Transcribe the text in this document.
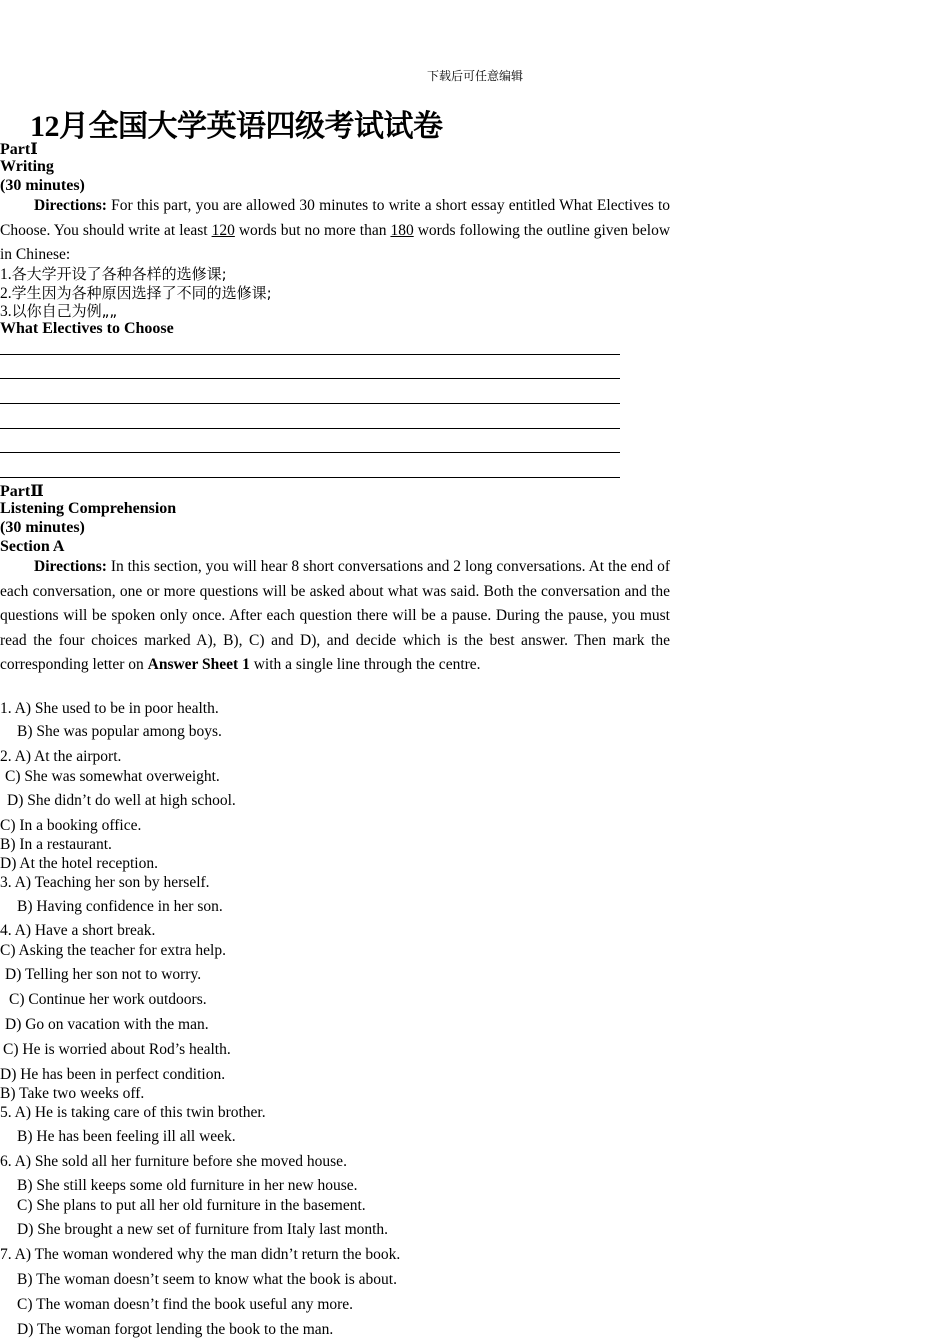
下载后可任意编辑
12月全国大学英语四级考试试卷
PartⅠ
Writing
(30 minutes)
Directions: For this part, you are allowed 30 minutes to write a short essay entitled What Electives to Choose. You should write at least 120 words but no more than 180 words following the outline given below in Chinese:
1.各大学开设了各种各样的选修课;
2.学生因为各种原因选择了不同的选修课;
3.以你自己为例„„
What Electives to Choose
PartⅡ
Listening Comprehension
(30 minutes)
Section A
Directions: In this section, you will hear 8 short conversations and 2 long conversations. At the end of each conversation, one or more questions will be asked about what was said. Both the conversation and the questions will be spoken only once. After each question there will be a pause. During the pause, you must read the four choices marked A), B), C) and D), and decide which is the best answer. Then mark the corresponding letter on Answer Sheet 1 with a single line through the centre.
1. A) She used to be in poor health.
B) She was popular among boys.
2. A) At the airport.
C) She was somewhat overweight.
D) She didn’t do well at high school.
C) In a booking office.
B) In a restaurant.
D) At the hotel reception.
3. A) Teaching her son by herself.
B) Having confidence in her son.
4. A) Have a short break.
C) Asking the teacher for extra help.
D) Telling her son not to worry.
C) Continue her work outdoors.
D) Go on vacation with the man.
C) He is worried about Rod’s health.
D) He has been in perfect condition.
B) Take two weeks off.
5. A) He is taking care of this twin brother.
B) He has been feeling ill all week.
6. A) She sold all her furniture before she moved house.
B) She still keeps some old furniture in her new house.
C) She plans to put all her old furniture in the basement.
D) She brought a new set of furniture from Italy last month.
7. A) The woman wondered why the man didn’t return the book.
B) The woman doesn’t seem to know what the book is about.
C) The woman doesn’t find the book useful any more.
D) The woman forgot lending the book to the man.
